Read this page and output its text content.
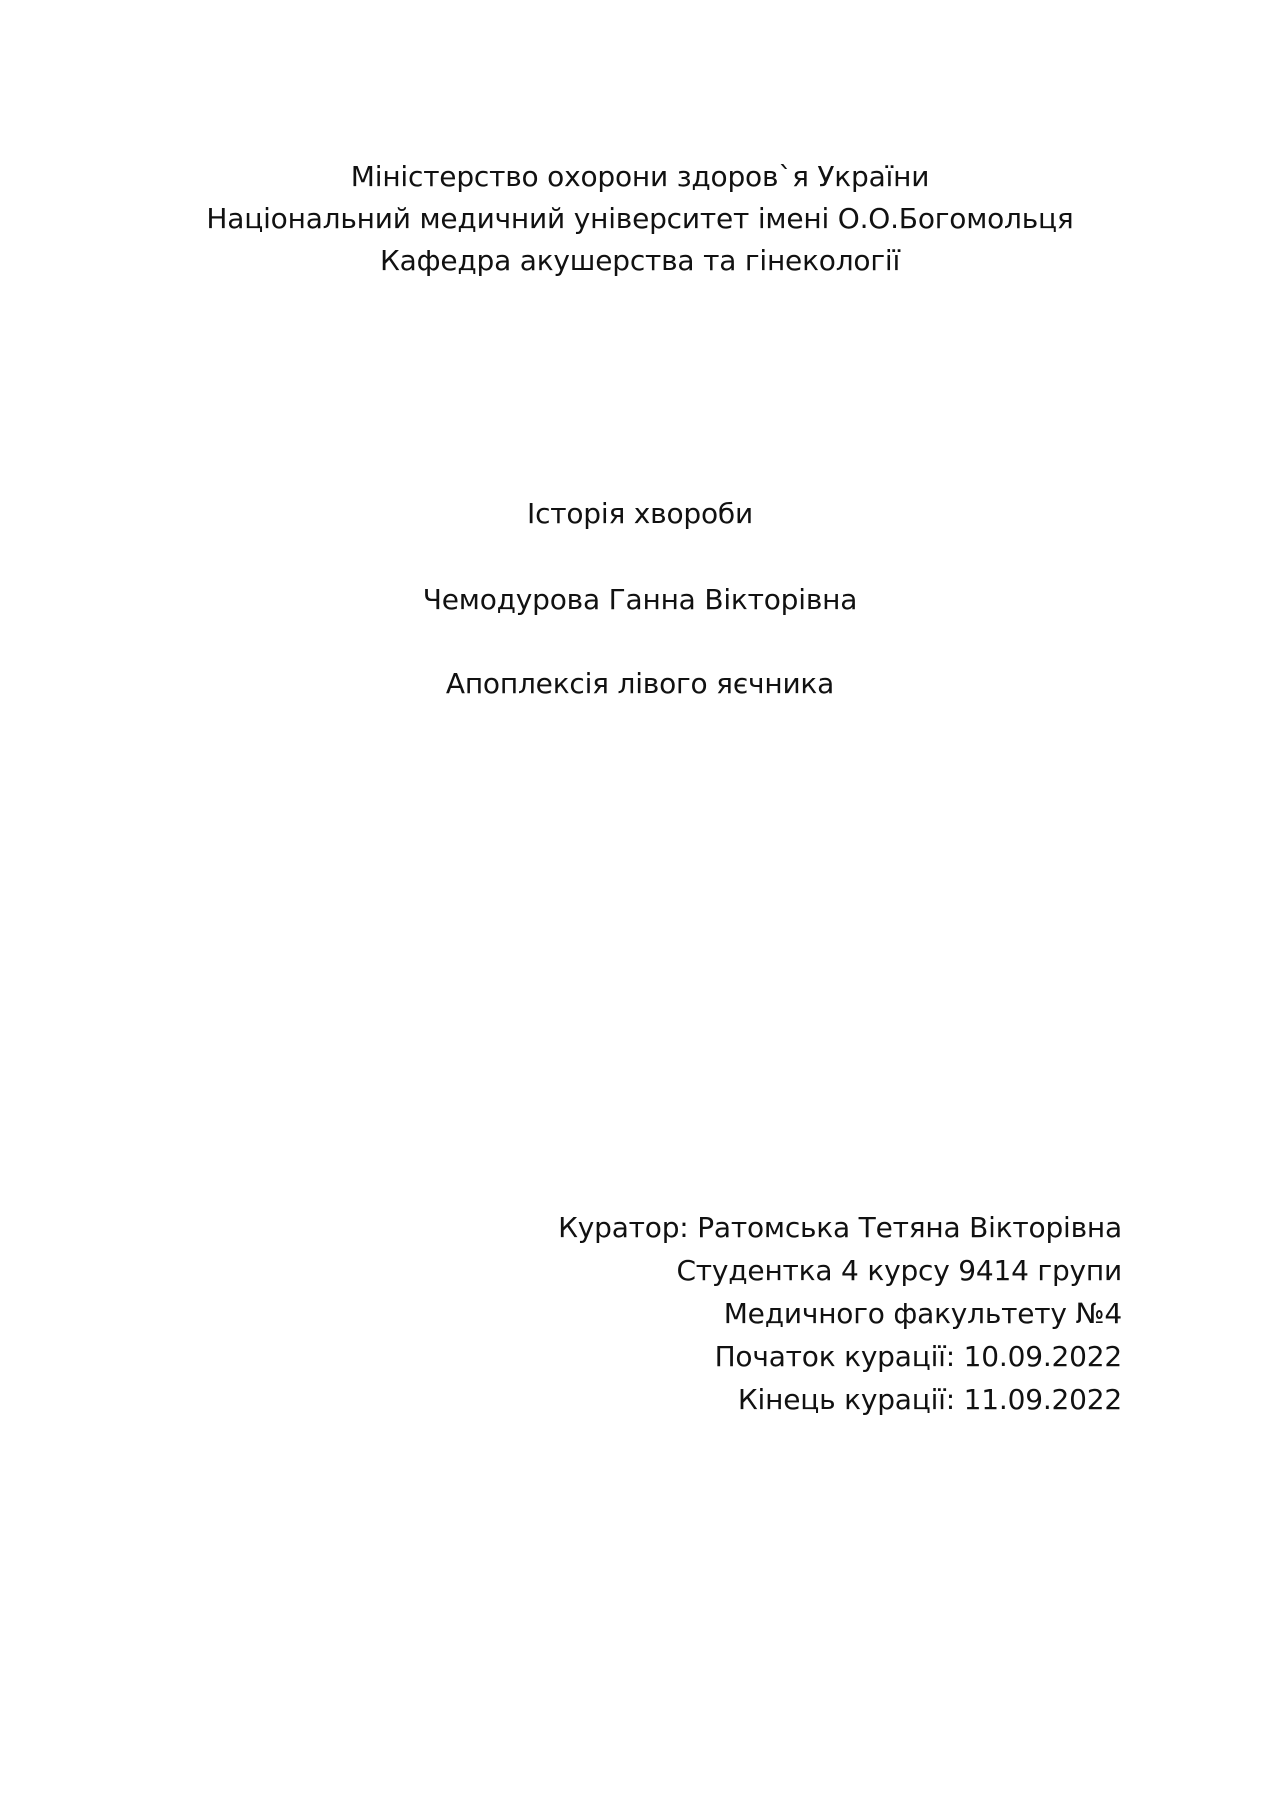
Міністерство охорони здоров`я України
Національний медичний університет імені О.О.Богомольця
Кафедра акушерства та гінекології
Історія хвороби
Чемодурова Ганна Вікторівна
Апоплексія лівого яєчника
Куратор: Ратомська Тетяна Вікторівна
Студентка 4 курсу 9414 групи
Медичного факультету №4
Початок курації: 10.09.2022
Кінець курації: 11.09.2022
